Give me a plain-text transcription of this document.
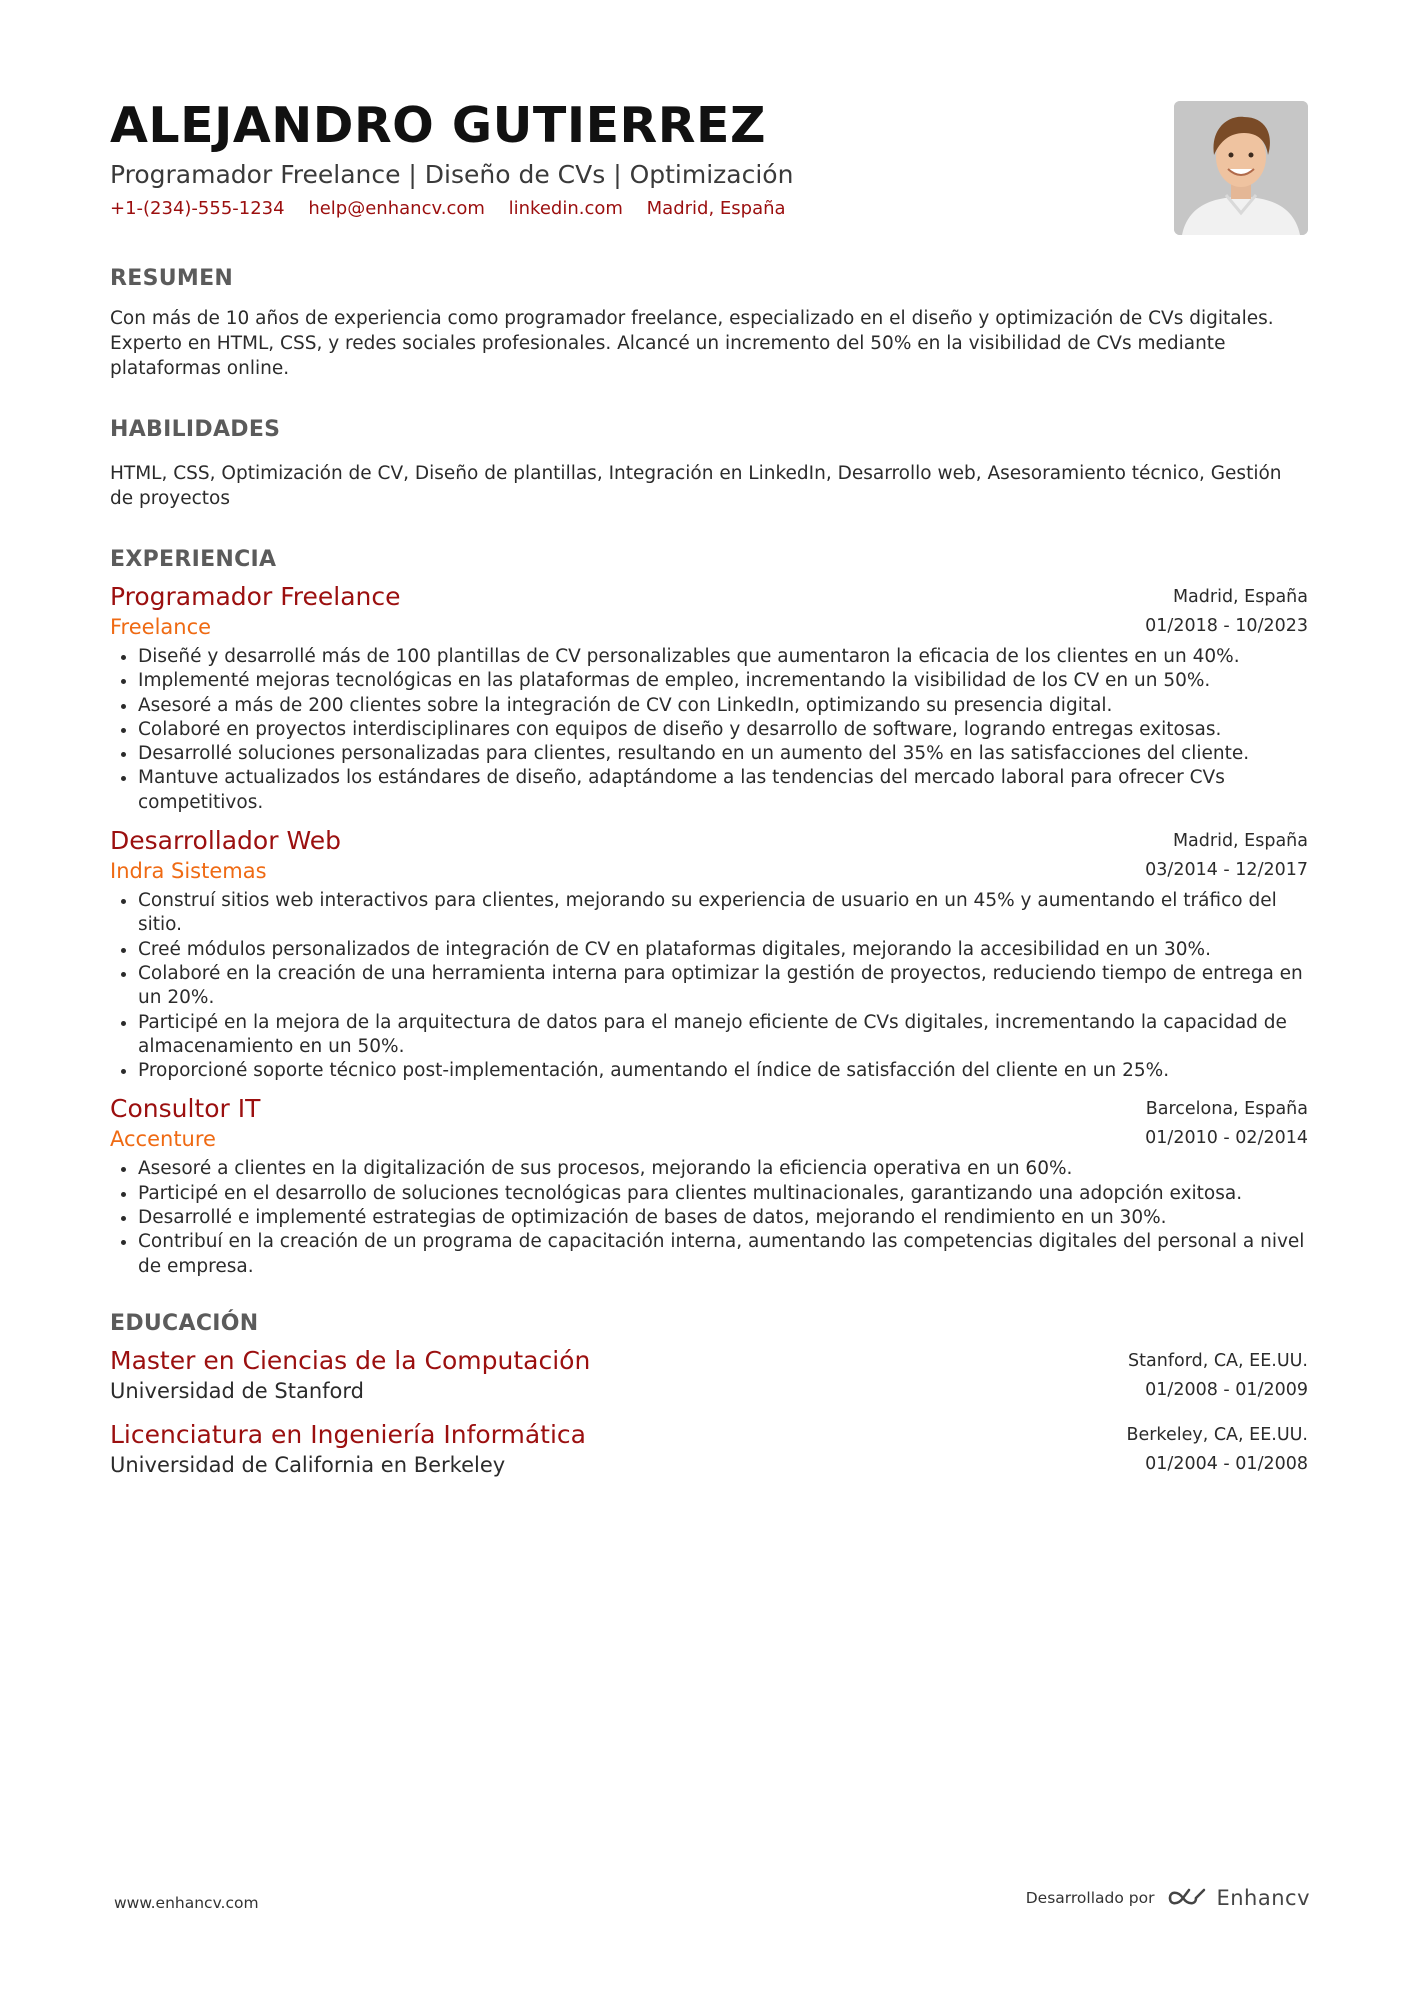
ALEJANDRO GUTIERREZ
Programador Freelance | Diseño de CVs | Optimización
+1-(234)-555-1234 help@enhancv.com linkedin.com Madrid, España
RESUMEN

Con más de 10 años de experiencia como programador freelance, especializado en el diseño y optimización de CVs digitales. Experto en HTML, CSS, y redes sociales profesionales. Alcancé un incremento del 50% en la visibilidad de CVs mediante plataformas online.

HABILIDADES

HTML, CSS, Optimización de CV, Diseño de plantillas, Integración en LinkedIn, Desarrollo web, Asesoramiento técnico, Gestión de proyectos

EXPERIENCIA
Programador Freelance
Freelance
Madrid, España
01/2018 - 10/2023
• Diseñé y desarrollé más de 100 plantillas de CV personalizables que aumentaron la eficacia de los clientes en un 40%.
• Implementé mejoras tecnológicas en las plataformas de empleo, incrementando la visibilidad de los CV en un 50%.
• Asesoré a más de 200 clientes sobre la integración de CV con LinkedIn, optimizando su presencia digital.
• Colaboré en proyectos interdisciplinares con equipos de diseño y desarrollo de software, logrando entregas exitosas.
• Desarrollé soluciones personalizadas para clientes, resultando en un aumento del 35% en las satisfacciones del cliente.
• Mantuve actualizados los estándares de diseño, adaptándome a las tendencias del mercado laboral para ofrecer CVs competitivos.
Desarrollador Web
Indra Sistemas
Madrid, España
03/2014 - 12/2017
• Construí sitios web interactivos para clientes, mejorando su experiencia de usuario en un 45% y aumentando el tráfico del sitio.
• Creé módulos personalizados de integración de CV en plataformas digitales, mejorando la accesibilidad en un 30%.
• Colaboré en la creación de una herramienta interna para optimizar la gestión de proyectos, reduciendo tiempo de entrega en un 20%.
• Participé en la mejora de la arquitectura de datos para el manejo eficiente de CVs digitales, incrementando la capacidad de almacenamiento en un 50%.
• Proporcioné soporte técnico post-implementación, aumentando el índice de satisfacción del cliente en un 25%.
Consultor IT
Accenture
Barcelona, España
01/2010 - 02/2014
• Asesoré a clientes en la digitalización de sus procesos, mejorando la eficiencia operativa en un 60%.
• Participé en el desarrollo de soluciones tecnológicas para clientes multinacionales, garantizando una adopción exitosa.
• Desarrollé e implementé estrategias de optimización de bases de datos, mejorando el rendimiento en un 30%.
• Contribuí en la creación de un programa de capacitación interna, aumentando las competencias digitales del personal a nivel de empresa.
EDUCACIÓN
Master en Ciencias de la Computación
Universidad de Stanford
Stanford, CA, EE.UU.
01/2008 - 01/2009
Licenciatura en Ingeniería Informática
Universidad de California en Berkeley
Berkeley, CA, EE.UU.
01/2004 - 01/2008
www.enhancv.com	Desarrollado por	Enhancv
